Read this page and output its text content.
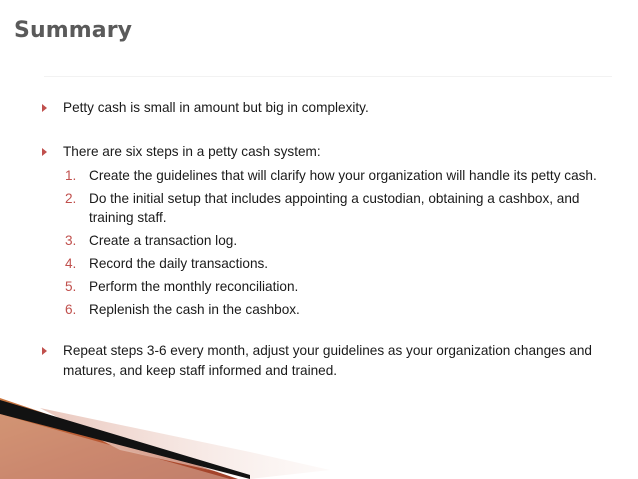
Summary

Petty cash is small in amount but big in complexity.

There are six steps in a petty cash system:
1. Create the guidelines that will clarify how your organization will handle its petty cash.
2. Do the initial setup that includes appointing a custodian, obtaining a cashbox, and training staff.
3. Create a transaction log.
4. Record the daily transactions.
5. Perform the monthly reconciliation.
6. Replenish the cash in the cashbox.

Repeat steps 3-6 every month, adjust your guidelines as your organization changes and matures, and keep staff informed and trained.
